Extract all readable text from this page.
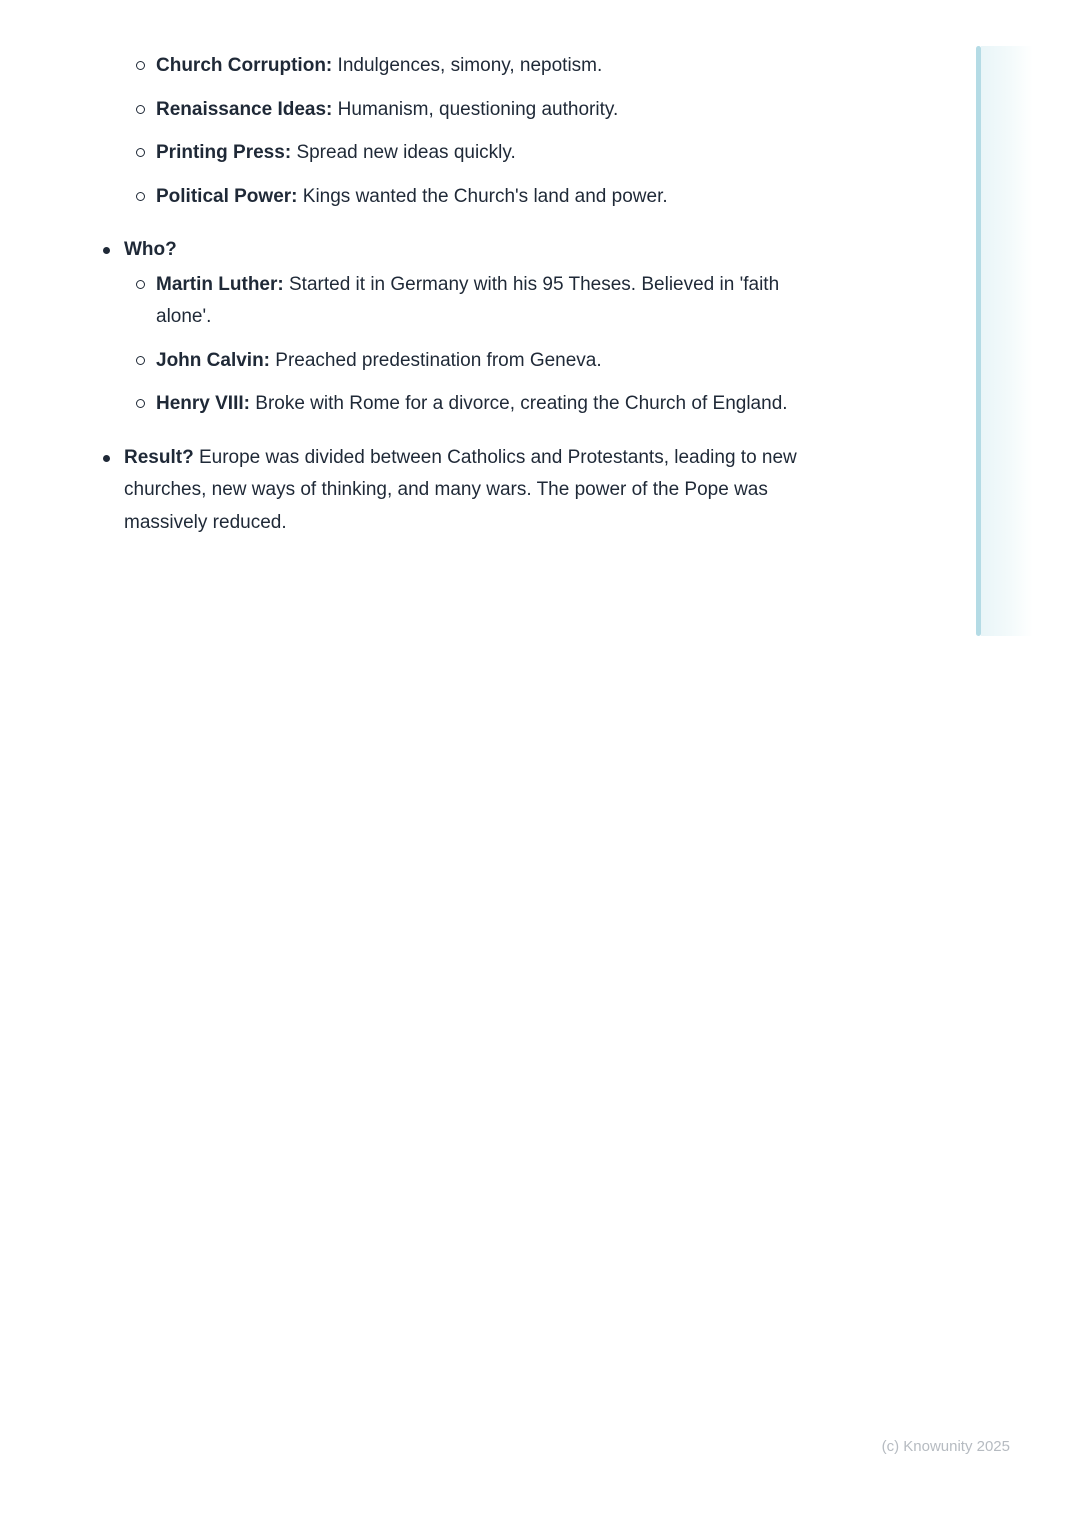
Church Corruption: Indulgences, simony, nepotism.
Renaissance Ideas: Humanism, questioning authority.
Printing Press: Spread new ideas quickly.
Political Power: Kings wanted the Church's land and power.
Who?
Martin Luther: Started it in Germany with his 95 Theses. Believed in 'faith alone'.
John Calvin: Preached predestination from Geneva.
Henry VIII: Broke with Rome for a divorce, creating the Church of England.
Result? Europe was divided between Catholics and Protestants, leading to new churches, new ways of thinking, and many wars. The power of the Pope was massively reduced.
(c) Knowunity 2025
